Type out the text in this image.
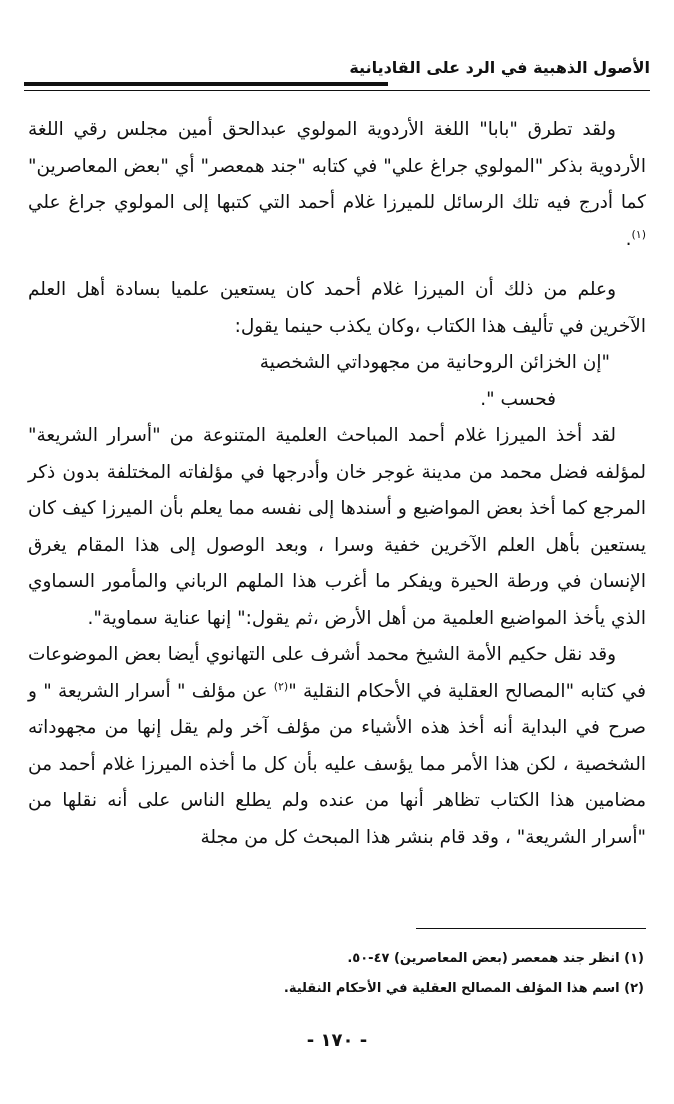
الأصول الذهبية في الرد على القاديانية

ولقد تطرق "بابا" اللغة الأردوية المولوي عبدالحق أمين مجلس رقي اللغة الأردوية بذكر "المولوي جراغ علي" في كتابه "جند همعصر" أي "بعض المعاصرين" كما أدرج فيه تلك الرسائل للميرزا غلام أحمد التي كتبها إلى المولوي جراغ علي $^{(١)}$.

وعلم من ذلك أن الميرزا غلام أحمد كان يستعين علميا بسادة أهل العلم الآخرين في تأليف هذا الكتاب ،وكان يكذب حينما يقول:

"إن الخزائن الروحانية من مجهوداتي الشخصية

فحسب ".

لقد أخذ الميرزا غلام أحمد المباحث العلمية المتنوعة من "أسرار الشريعة" لمؤلفه فضل محمد من مدينة غوجر خان وأدرجها في مؤلفاته المختلفة بدون ذكر المرجع كما أخذ بعض المواضيع و أسندها إلى نفسه مما يعلم بأن الميرزا كيف كان يستعين بأهل العلم الآخرين خفية وسرا ، وبعد الوصول إلى هذا المقام يغرق الإنسان في ورطة الحيرة ويفكر ما أغرب هذا الملهم الرباني والمأمور السماوي الذي يأخذ المواضيع العلمية من أهل الأرض ،ثم يقول:" إنها عناية سماوية".

وقد نقل حكيم الأمة الشيخ محمد أشرف على التهانوي أيضا بعض الموضوعات في كتابه "المصالح العقلية في الأحكام النقلية "$^{(٢)}$ عن مؤلف " أسرار الشريعة " و صرح في البداية أنه أخذ هذه الأشياء من مؤلف آخر ولم يقل إنها من مجهوداته الشخصية ، لكن هذا الأمر مما يؤسف عليه بأن كل ما أخذه الميرزا غلام أحمد من مضامين هذا الكتاب تظاهر أنها من عنده ولم يطلع الناس على أنه نقلها من "أسرار الشريعة" ، وقد قام بنشر هذا المبحث كل من مجلة

(١) انظر جند همعصر (بعض المعاصرين) ٤٧-٥٠.

(٢) اسم هذا المؤلف المصالح العقلية في الأحكام النقلية.

- ١٧٠ -
